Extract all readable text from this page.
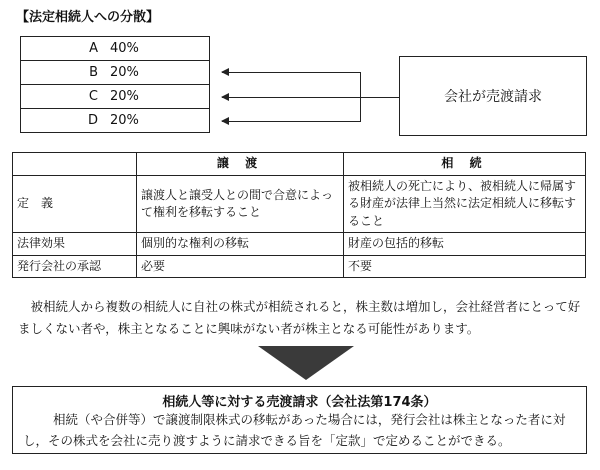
【法定相続人への分散】
A 40%
B 20%
C 20%
D 20%
会社が売渡請求
	譲 渡	相 続
定　義	譲渡人と譲受人との間で合意によって権利を移転すること	被相続人の死亡により、被相続人に帰属する財産が法律上当然に法定相続人に移転すること
法律効果	個別的な権利の移転	財産の包括的移転
発行会社の承認	必要	不要
被相続人から複数の相続人に自社の株式が相続されると，株主数は増加し，会社経営者にとって好ましくない者や，株主となることに興味がない者が株主となる可能性があります。
相続人等に対する売渡請求（会社法第174条）
相続（や合併等）で譲渡制限株式の移転があった場合には，発行会社は株主となった者に対し，その株式を会社に売り渡すように請求できる旨を「定款」で定めることができる。
